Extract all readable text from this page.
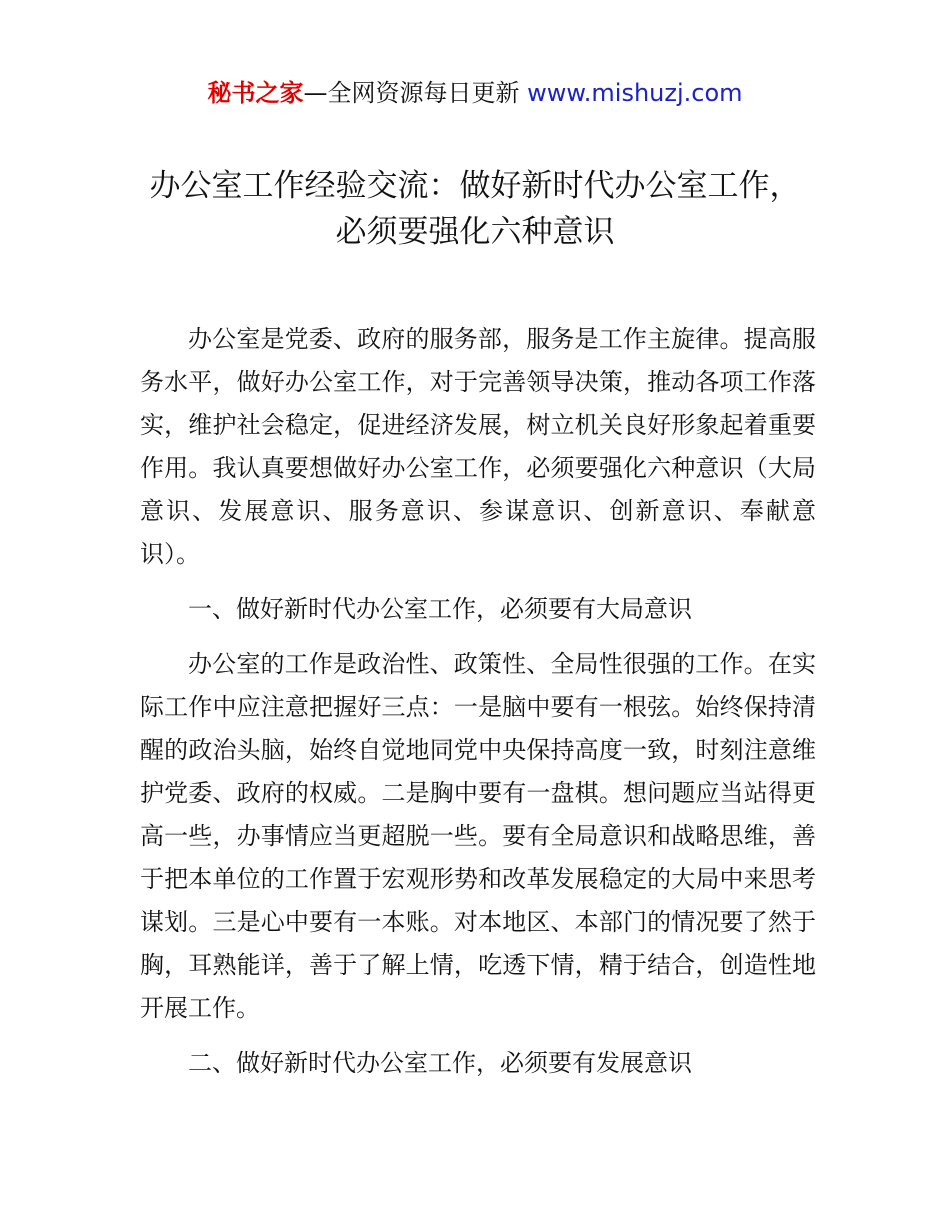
秘书之家—全网资源每日更新 www.mishuzj.com
办公室工作经验交流：做好新时代办公室工作，
必须要强化六种意识

办公室是党委、政府的服务部，服务是工作主旋律。提高服务水平，做好办公室工作，对于完善领导决策，推动各项工作落实，维护社会稳定，促进经济发展，树立机关良好形象起着重要作用。我认真要想做好办公室工作，必须要强化六种意识（大局意识、发展意识、服务意识、参谋意识、创新意识、奉献意识）。

一、做好新时代办公室工作，必须要有大局意识

办公室的工作是政治性、政策性、全局性很强的工作。在实际工作中应注意把握好三点：一是脑中要有一根弦。始终保持清醒的政治头脑，始终自觉地同党中央保持高度一致，时刻注意维护党委、政府的权威。二是胸中要有一盘棋。想问题应当站得更高一些，办事情应当更超脱一些。要有全局意识和战略思维，善于把本单位的工作置于宏观形势和改革发展稳定的大局中来思考谋划。三是心中要有一本账。对本地区、本部门的情况要了然于胸，耳熟能详，善于了解上情，吃透下情，精于结合，创造性地开展工作。

二、做好新时代办公室工作，必须要有发展意识
